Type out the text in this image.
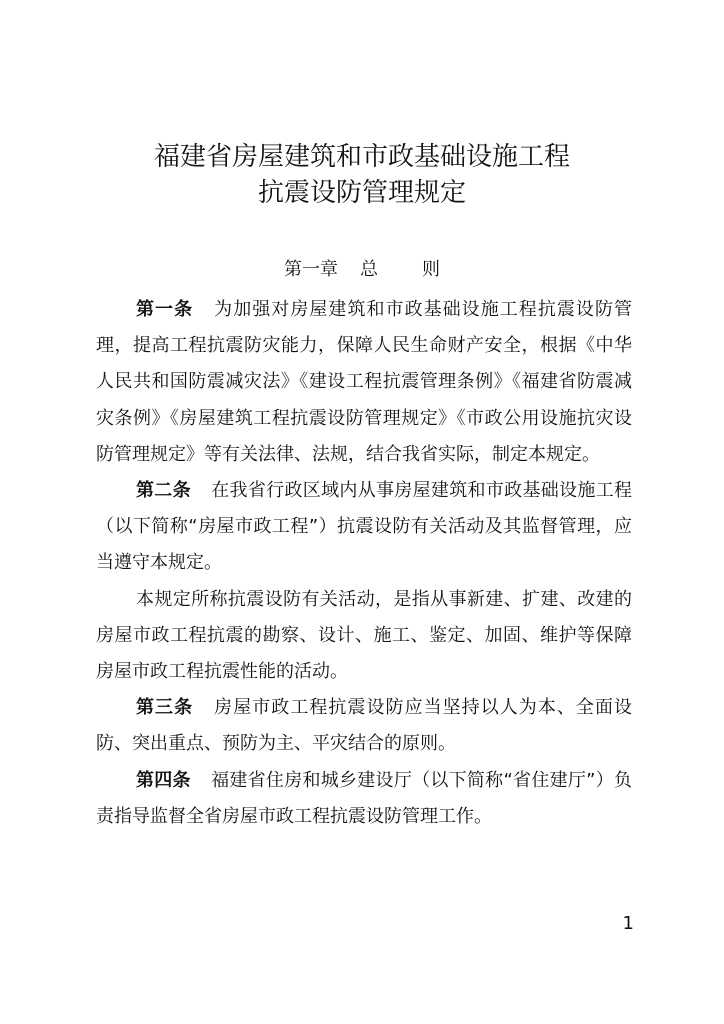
福建省房屋建筑和市政基础设施工程
抗震设防管理规定
第一章 总 则

第一条 为加强对房屋建筑和市政基础设施工程抗震设防管理，提高工程抗震防灾能力，保障人民生命财产安全，根据《中华人民共和国防震减灾法》《建设工程抗震管理条例》《福建省防震减灾条例》《房屋建筑工程抗震设防管理规定》《市政公用设施抗灾设防管理规定》等有关法律、法规，结合我省实际，制定本规定。

第二条 在我省行政区域内从事房屋建筑和市政基础设施工程（以下简称“房屋市政工程”）抗震设防有关活动及其监督管理，应当遵守本规定。

本规定所称抗震设防有关活动，是指从事新建、扩建、改建的房屋市政工程抗震的勘察、设计、施工、鉴定、加固、维护等保障房屋市政工程抗震性能的活动。

第三条 房屋市政工程抗震设防应当坚持以人为本、全面设防、突出重点、预防为主、平灾结合的原则。

第四条 福建省住房和城乡建设厅（以下简称“省住建厅”）负责指导监督全省房屋市政工程抗震设防管理工作。

1
